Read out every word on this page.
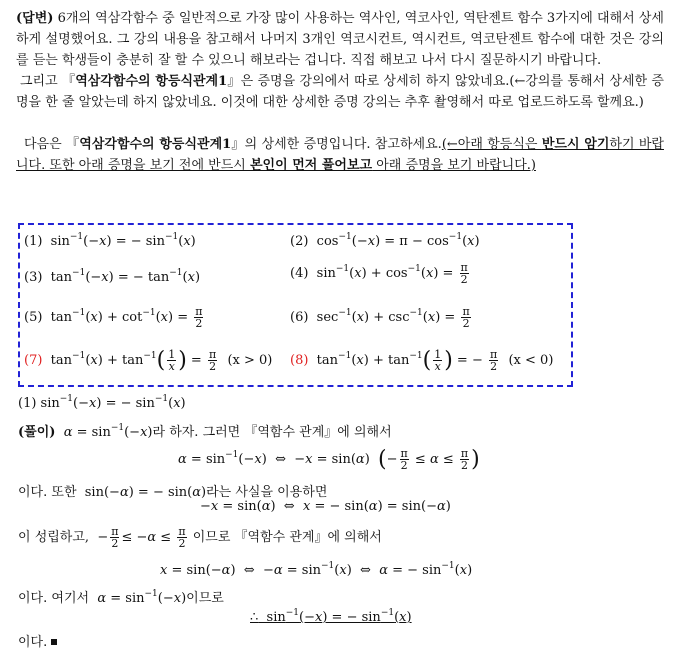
(답변) 6개의 역삼각함수 중 일반적으로 가장 많이 사용하는 역사인, 역코사인, 역탄젠트 함수 3가지에 대해서 상세하게 설명했어요. 그 강의 내용을 참고해서 나머지 3개인 역코시컨트, 역시컨트, 역코탄젠트 함수에 대한 것은 강의를 듣는 학생들이 충분히 잘 할 수 있으니 해보라는 겁니다. 직접 해보고 나서 다시 질문하시기 바랍니다.

그리고 『역삼각함수의 항등식관계1』은 증명을 강의에서 따로 상세히 하지 않았네요.(←강의를 통해서 상세한 증명을 한 줄 알았는데 하지 않았네요. 이것에 대한 상세한 증명 강의는 추후 촬영해서 따로 업로드하도록 할께요.)

다음은 『역삼각함수의 항등식관계1』의 상세한 증명입니다. 참고하세요.(←아래 항등식은 반드시 암기하기 바랍니다. 또한 아래 증명을 보기 전에 반드시 본인이 먼저 풀어보고 아래 증명을 보기 바랍니다.)

(1)  $\sin^{-1}(-x)$ = − $\sin^{-1}(x)$	(2)  $\cos^{-1}(-x) = \pi - \cos^{-1}(x)$
(3)  $\tan^{-1}(-x)$ = − $\tan^{-1}(x)$	(4)  $\sin^{-1}(x) + \cos^{-1}(x) = \frac{\pi}{2}$
(5)  $\tan^{-1}(x) + \cot^{-1}(x) = \frac{\pi}{2}$	(6)  $\sec^{-1}(x) + \csc^{-1}(x) = \frac{\pi}{2}$
(7)  $\tan^{-1}(x) + \tan^{-1}( \frac{1}{x}$ ) = $\frac{\pi}{2} (x > 0)$ (8)  $\tan^{-1}(x) + \tan^{-1}( \frac{1}{x}$ ) = − $\frac{\pi}{2} (x < 0)$
(1) $\sin^{-1}(-x)$ = − $\sin^{-1}(x)$
(풀이) $\alpha = \sin^{-1}(-x)$라 하자. 그러면 『역함수 관계』에 의해서
$\alpha = \sin^{-1}(-x)$  ⇔  −x = sin(α)  (− $\frac{\pi}{2} \le \alpha \le \frac{\pi}{2}$ )
이다. 또한  sin(−α) = − sin(α)라는 사실을 이용하면
−x = sin(α)  ⇔  x = − sin(α) = sin(−α)
이 성립하고,  − $\frac{\pi}{2} \le -\alpha \le \frac{\pi}{2}$ 이므로 『역함수 관계』에 의해서
x = sin(−α)  ⇔  $-\alpha = \sin^{-1}(x)$  ⇔  α = − $\sin^{-1}(x)$
이다. 여기서 $\alpha = \sin^{-1}(-x)$이므로
∴  $\sin^{-1}(-x)$ = − $\sin^{-1}(x)$
이다.
